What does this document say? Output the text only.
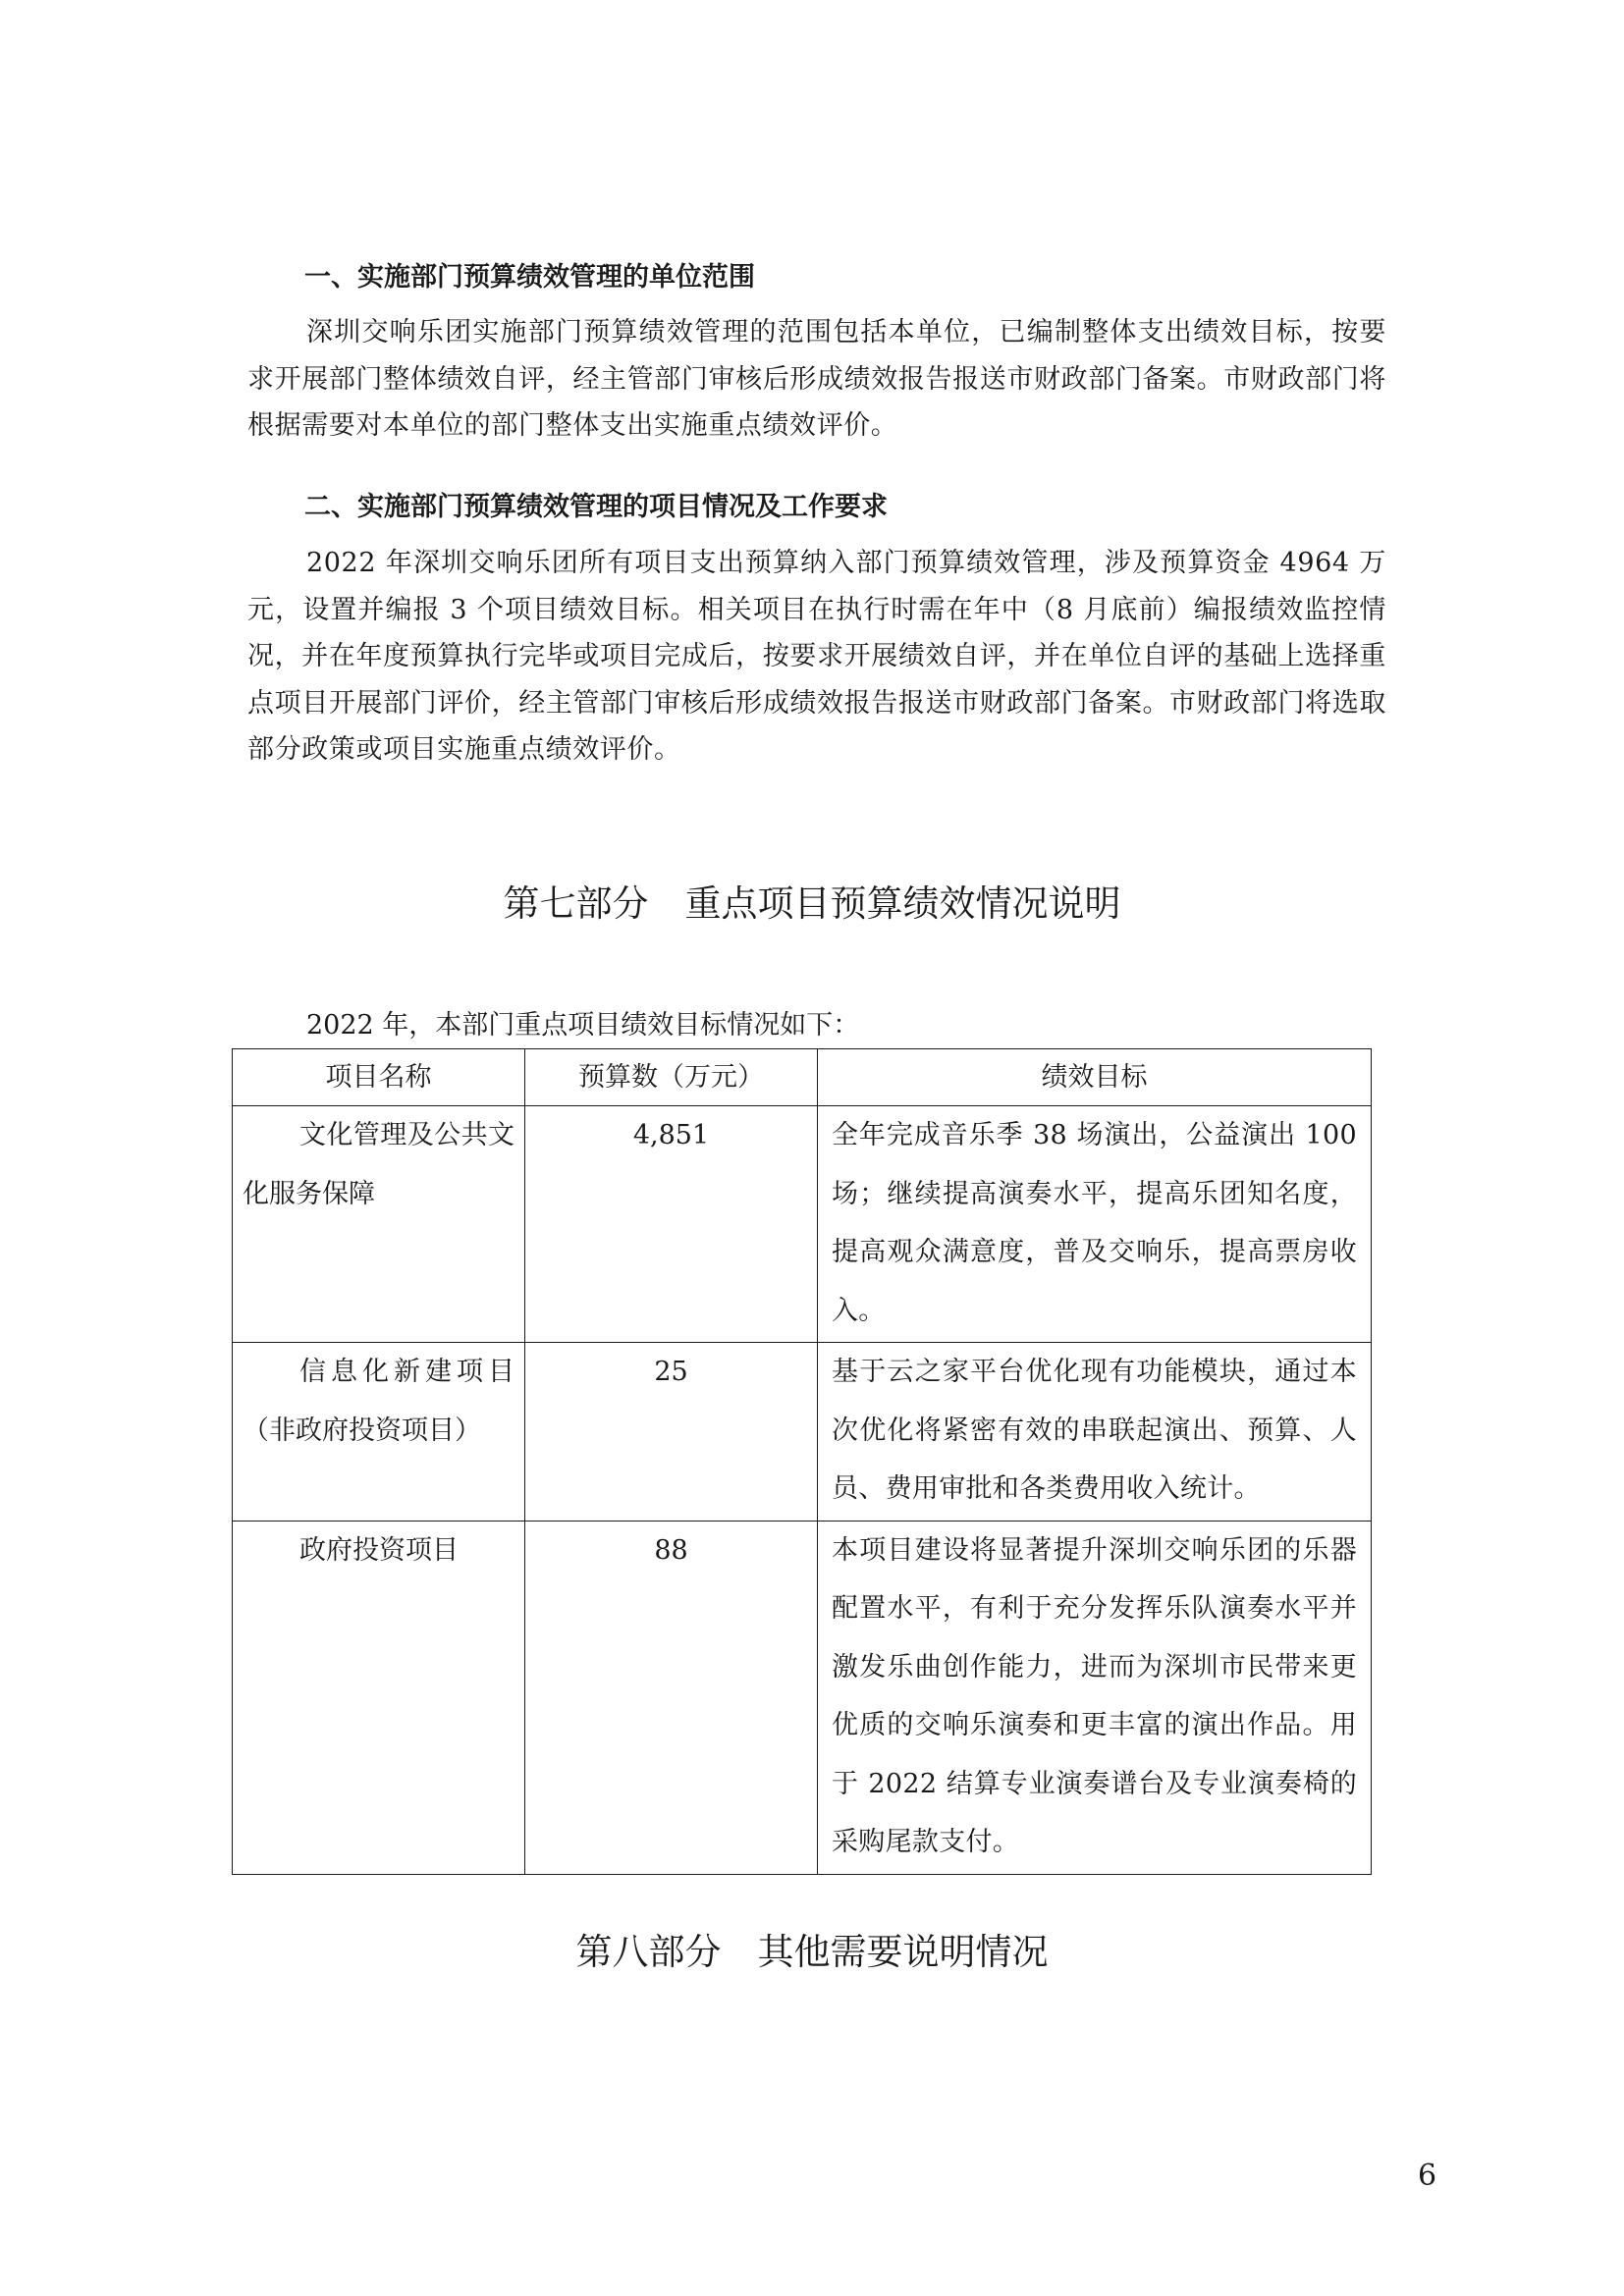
一、实施部门预算绩效管理的单位范围
深圳交响乐团实施部门预算绩效管理的范围包括本单位，已编制整体支出绩效目标，按要求开展部门整体绩效自评，经主管部门审核后形成绩效报告报送市财政部门备案。市财政部门将根据需要对本单位的部门整体支出实施重点绩效评价。
二、实施部门预算绩效管理的项目情况及工作要求
2022 年深圳交响乐团所有项目支出预算纳入部门预算绩效管理，涉及预算资金 4964 万元，设置并编报 3 个项目绩效目标。相关项目在执行时需在年中（8 月底前）编报绩效监控情况，并在年度预算执行完毕或项目完成后，按要求开展绩效自评，并在单位自评的基础上选择重点项目开展部门评价，经主管部门审核后形成绩效报告报送市财政部门备案。市财政部门将选取部分政策或项目实施重点绩效评价。
第七部分　重点项目预算绩效情况说明
2022 年，本部门重点项目绩效目标情况如下：
项目名称	预算数（万元）	绩效目标
文化管理及公共文化服务保障	4,851	全年完成音乐季 38 场演出，公益演出 100 场；继续提高演奏水平，提高乐团知名度，提高观众满意度，普及交响乐，提高票房收入。
信息化新建项目（非政府投资项目）	25	基于云之家平台优化现有功能模块，通过本次优化将紧密有效的串联起演出、预算、人员、费用审批和各类费用收入统计。
政府投资项目	88	本项目建设将显著提升深圳交响乐团的乐器配置水平，有利于充分发挥乐队演奏水平并激发乐曲创作能力，进而为深圳市民带来更优质的交响乐演奏和更丰富的演出作品。用于 2022 结算专业演奏谱台及专业演奏椅的采购尾款支付。
第八部分　其他需要说明情况
6
